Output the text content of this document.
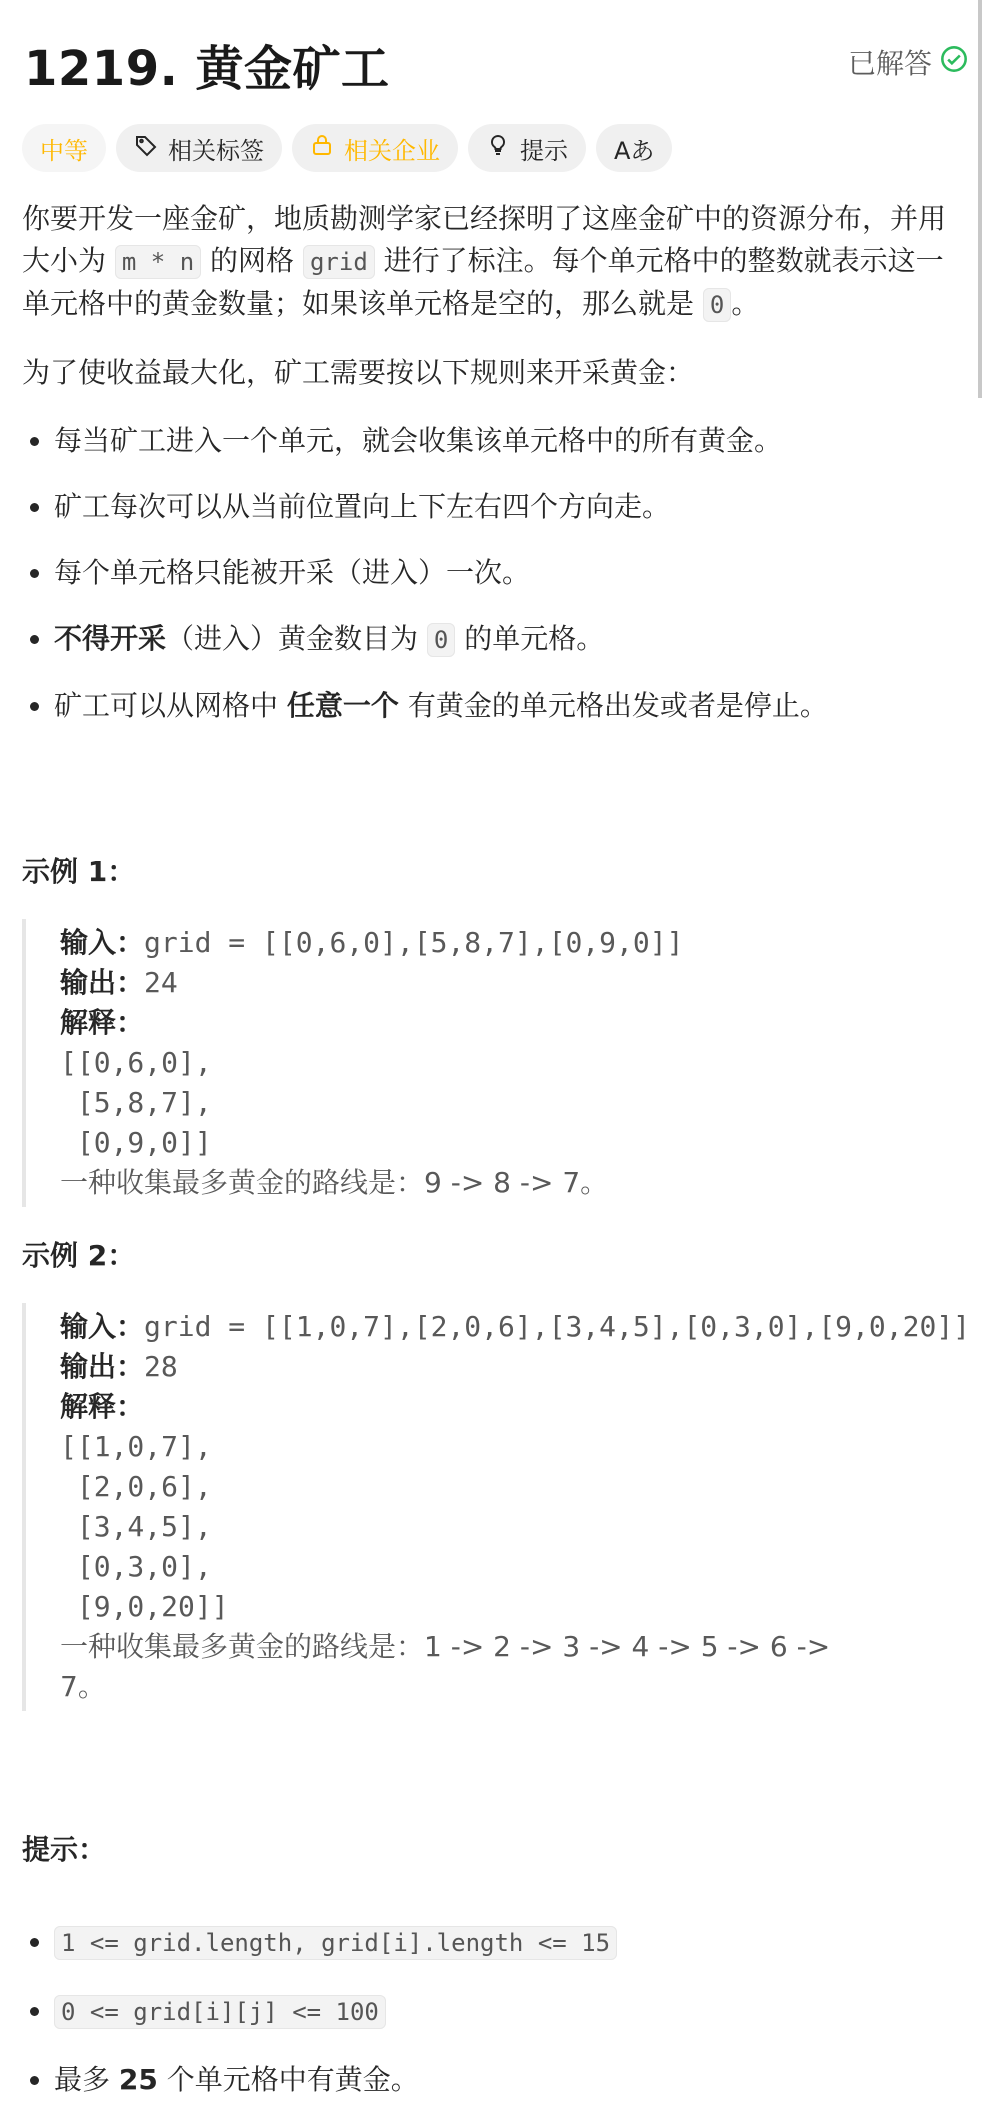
1219. 黄金矿工	已解答
中等	相关标签	相关企业	提示 Aあ

你要开发一座金矿，地质勘测学家已经探明了这座金矿中的资源分布，并用大小为 m * n 的网格 grid 进行了标注。每个单元格中的整数就表示这一单元格中的黄金数量；如果该单元格是空的，那么就是 0 。

为了使收益最大化，矿工需要按以下规则来开采黄金：

• 每当矿工进入一个单元，就会收集该单元格中的所有黄金。
• 矿工每次可以从当前位置向上下左右四个方向走。
• 每个单元格只能被开采（进入）一次。
• 不得开采（进入）黄金数目为 0 的单元格。
• 矿工可以从网格中 任意一个 有黄金的单元格出发或者是停止。

示例 1：

输入：grid = [[0,6,0],[5,8,7],[0,9,0]]
输出：24
解释：
[[0,6,0],
[5,8,7],
[0,9,0]]
一种收集最多黄金的路线是：9 -> 8 -> 7。

示例 2：

输入：grid = [[1,0,7],[2,0,6],[3,4,5],[0,3,0],[9,0,20]]
输出：28
解释：
[[1,0,7],
[2,0,6],
[3,4,5],
[0,3,0],
[9,0,20]]
一种收集最多黄金的路线是：1 -> 2 -> 3 -> 4 -> 5 -> 6 ->
7。

提示：

• 1 <= grid.length, grid[i].length <= 15
• 0 <= grid[i][j] <= 100
• 最多 25 个单元格中有黄金。
